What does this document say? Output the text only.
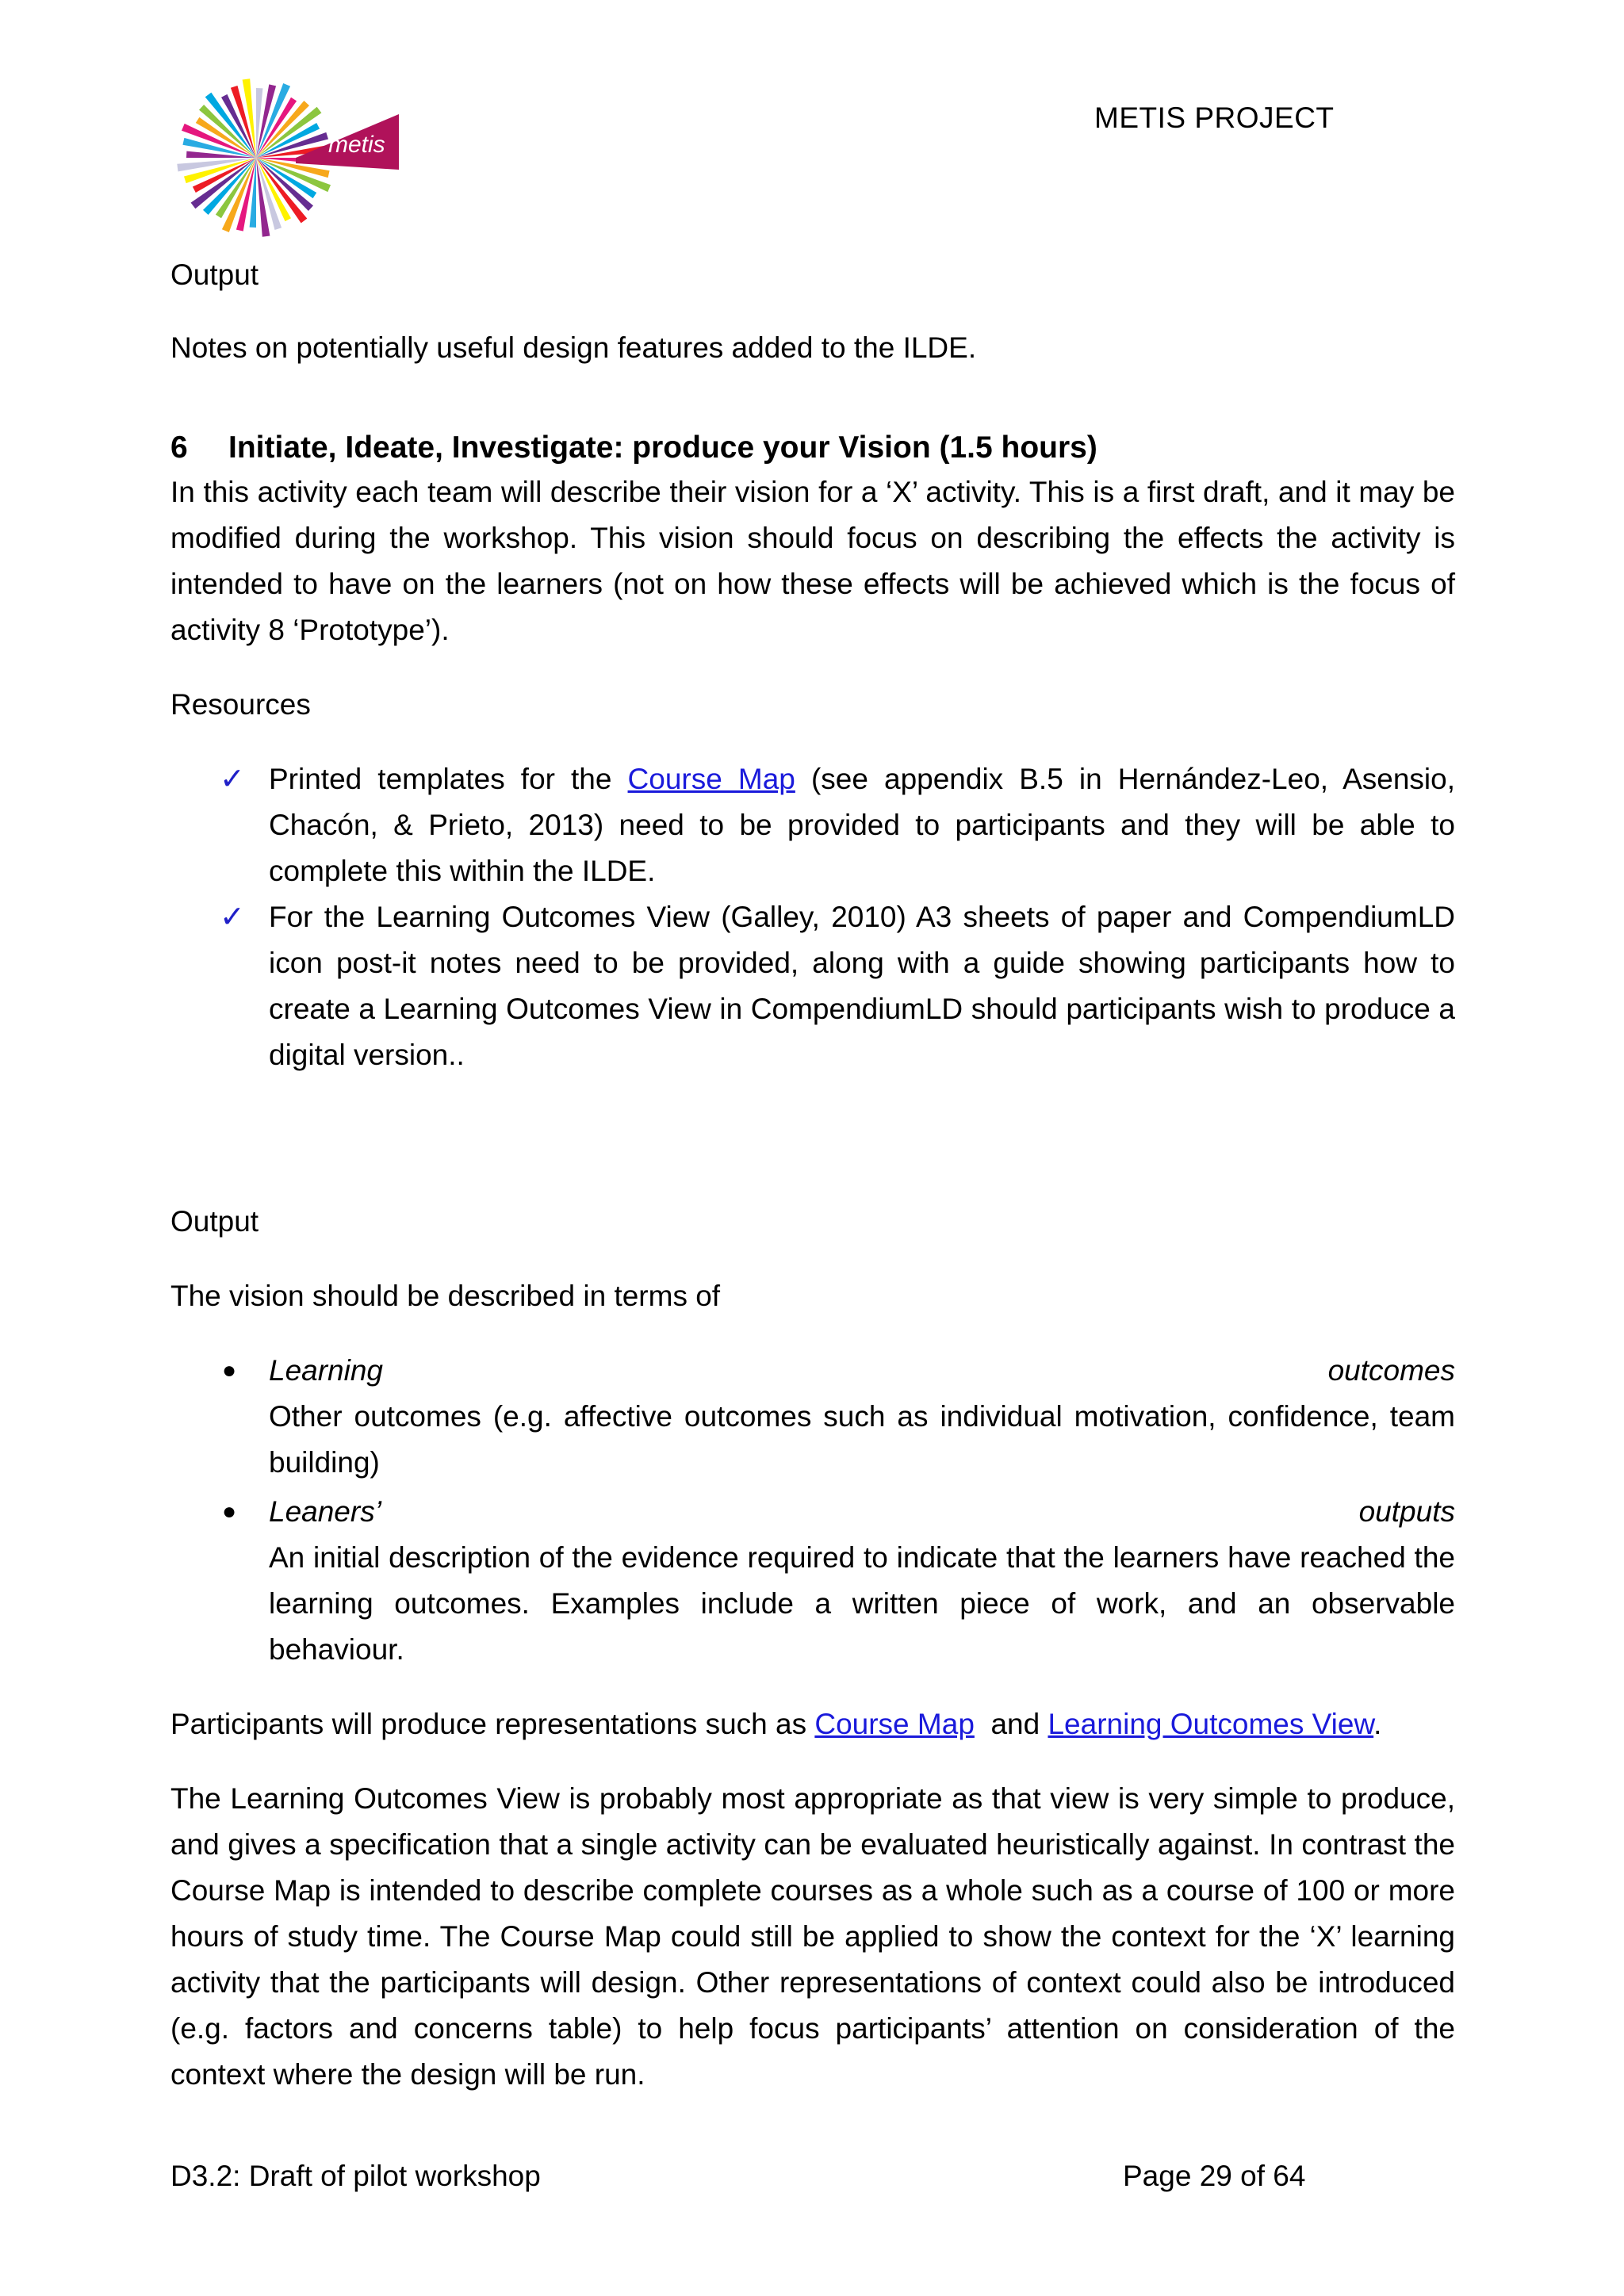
metis
METIS PROJECT

Output

Notes on potentially useful design features added to the ILDE.

6 Initiate, Ideate, Investigate: produce your Vision (1.5 hours)

In this activity each team will describe their vision for a ‘X’ activity. This is a first draft, and it may be modified during the workshop. This vision should focus on describing the effects the activity is intended to have on the learners (not on how these effects will be achieved which is the focus of activity 8 ‘Prototype’).

Resources

✓ Printed templates for the Course Map (see appendix B.5 in Hernández-Leo, Asensio, Chacón, & Prieto, 2013) need to be provided to participants and they will be able to complete this within the ILDE.
✓ For the Learning Outcomes View (Galley, 2010) A3 sheets of paper and CompendiumLD icon post-it notes need to be provided, along with a guide showing participants how to create a Learning Outcomes View in CompendiumLD should participants wish to produce a digital version..

Output

The vision should be described in terms of

● Learning	outcomes
Other outcomes (e.g. affective outcomes such as individual motivation, confidence, team building)
● Leaners’	outputs
An initial description of the evidence required to indicate that the learners have reached the learning outcomes. Examples include a written piece of work, and an observable behaviour.

Participants will produce representations such as Course Map  and Learning Outcomes View.

The Learning Outcomes View is probably most appropriate as that view is very simple to produce, and gives a specification that a single activity can be evaluated heuristically against. In contrast the Course Map is intended to describe complete courses as a whole such as a course of 100 or more hours of study time. The Course Map could still be applied to show the context for the ‘X’ learning activity that the participants will design. Other representations of context could also be introduced (e.g. factors and concerns table) to help focus participants’ attention on consideration of the context where the design will be run.

D3.2: Draft of pilot workshop	Page 29 of 64
